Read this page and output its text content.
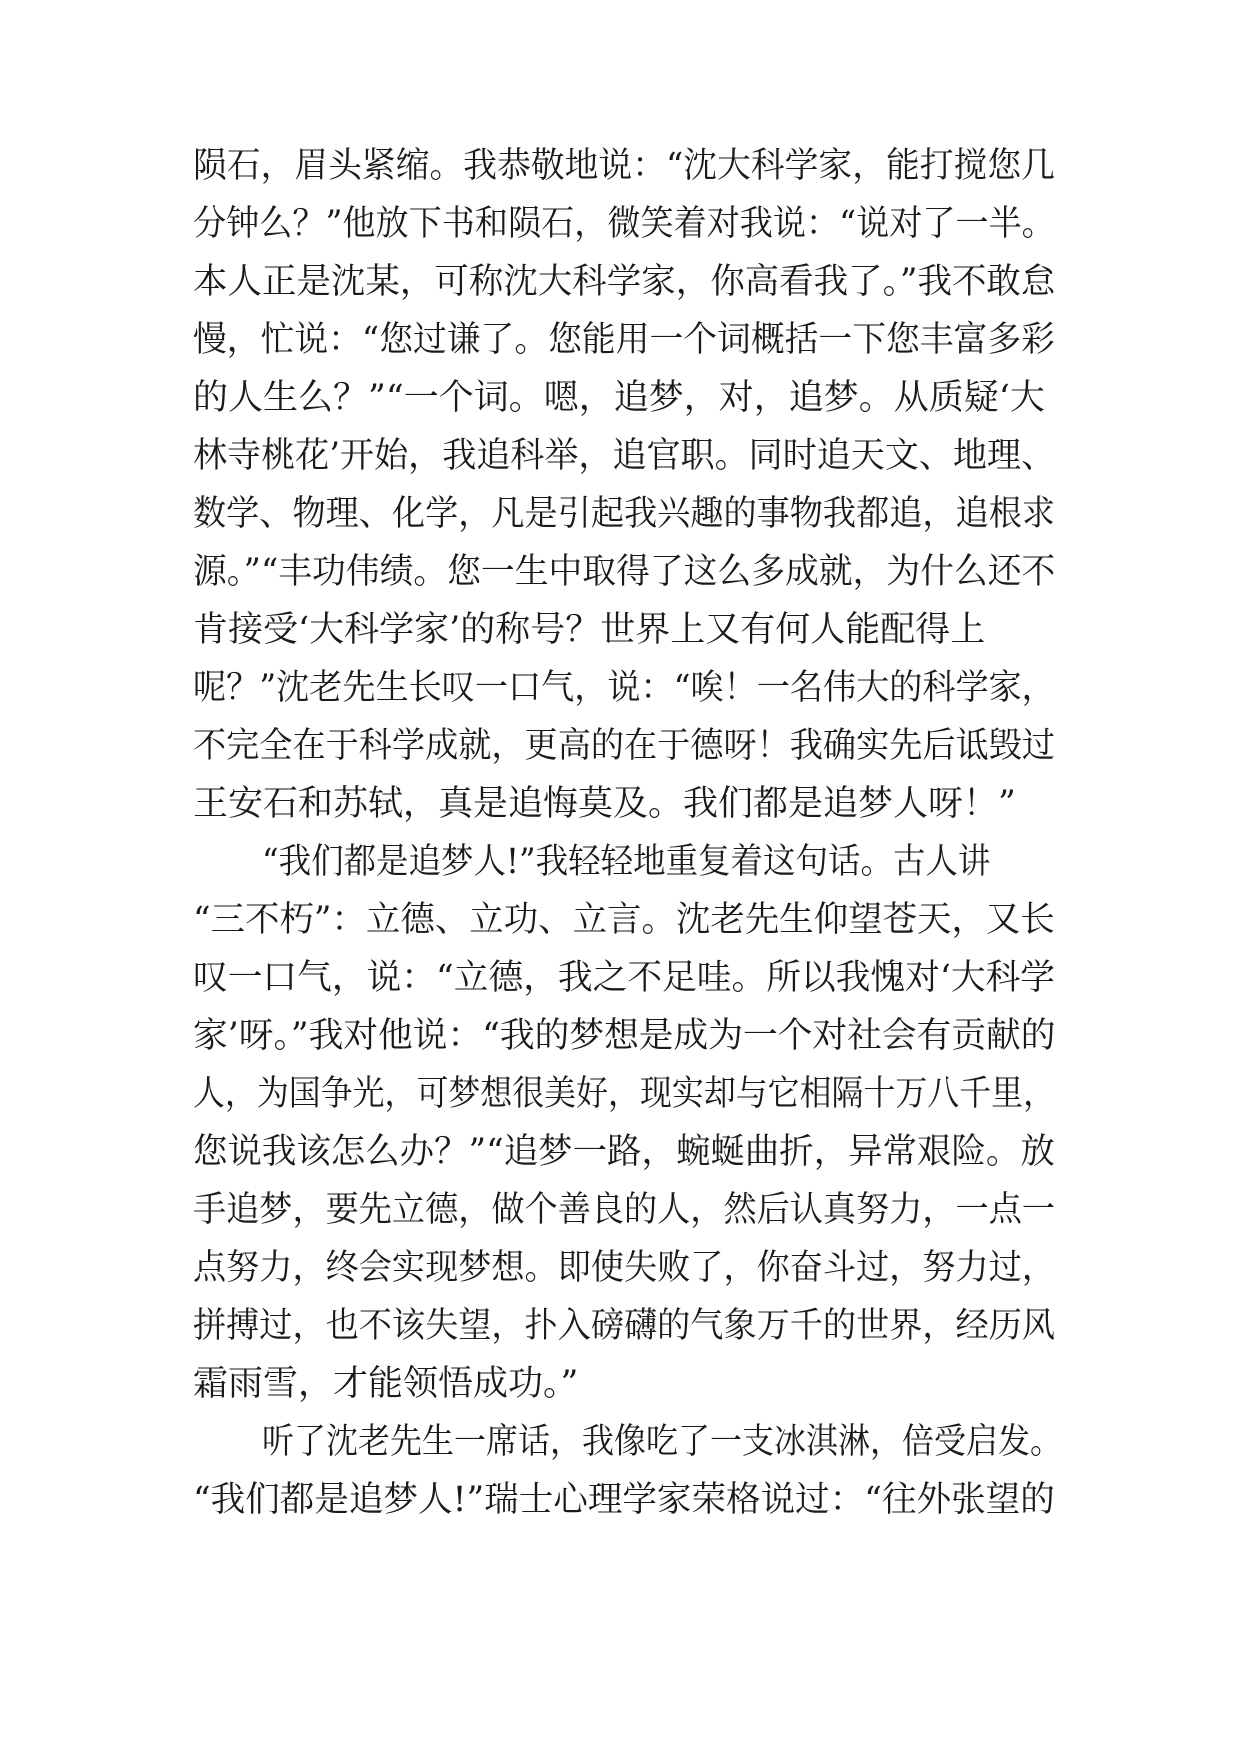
陨石，眉头紧缩。我恭敬地说：“沈大科学家，能打搅您几
分钟么？”他放下书和陨石，微笑着对我说：“说对了一半。
本人正是沈某，可称沈大科学家，你高看我了。”我不敢怠
慢，忙说：“您过谦了。您能用一个词概括一下您丰富多彩
的人生么？”“一个词。嗯，追梦，对，追梦。从质疑‘大
林寺桃花’开始，我追科举，追官职。同时追天文、地理、
数学、物理、化学，凡是引起我兴趣的事物我都追，追根求
源。”“丰功伟绩。您一生中取得了这么多成就，为什么还不
肯接受‘大科学家’的称号？世界上又有何人能配得上
呢？”沈老先生长叹一口气，说：“唉！一名伟大的科学家，
不完全在于科学成就，更高的在于德呀！我确实先后诋毁过
王安石和苏轼，真是追悔莫及。我们都是追梦人呀！”
“我们都是追梦人!”我轻轻地重复着这句话。古人讲
“三不朽”：立德、立功、立言。沈老先生仰望苍天，又长
叹一口气，说：“立德，我之不足哇。所以我愧对‘大科学
家’呀。”我对他说：“我的梦想是成为一个对社会有贡献的
人，为国争光，可梦想很美好，现实却与它相隔十万八千里，
您说我该怎么办？”“追梦一路，蜿蜒曲折，异常艰险。放
手追梦，要先立德，做个善良的人，然后认真努力，一点一
点努力，终会实现梦想。即使失败了，你奋斗过，努力过，
拼搏过，也不该失望，扑入磅礴的气象万千的世界，经历风
霜雨雪，才能领悟成功。”
听了沈老先生一席话，我像吃了一支冰淇淋，倍受启发。
“我们都是追梦人!”瑞士心理学家荣格说过：“往外张望的
